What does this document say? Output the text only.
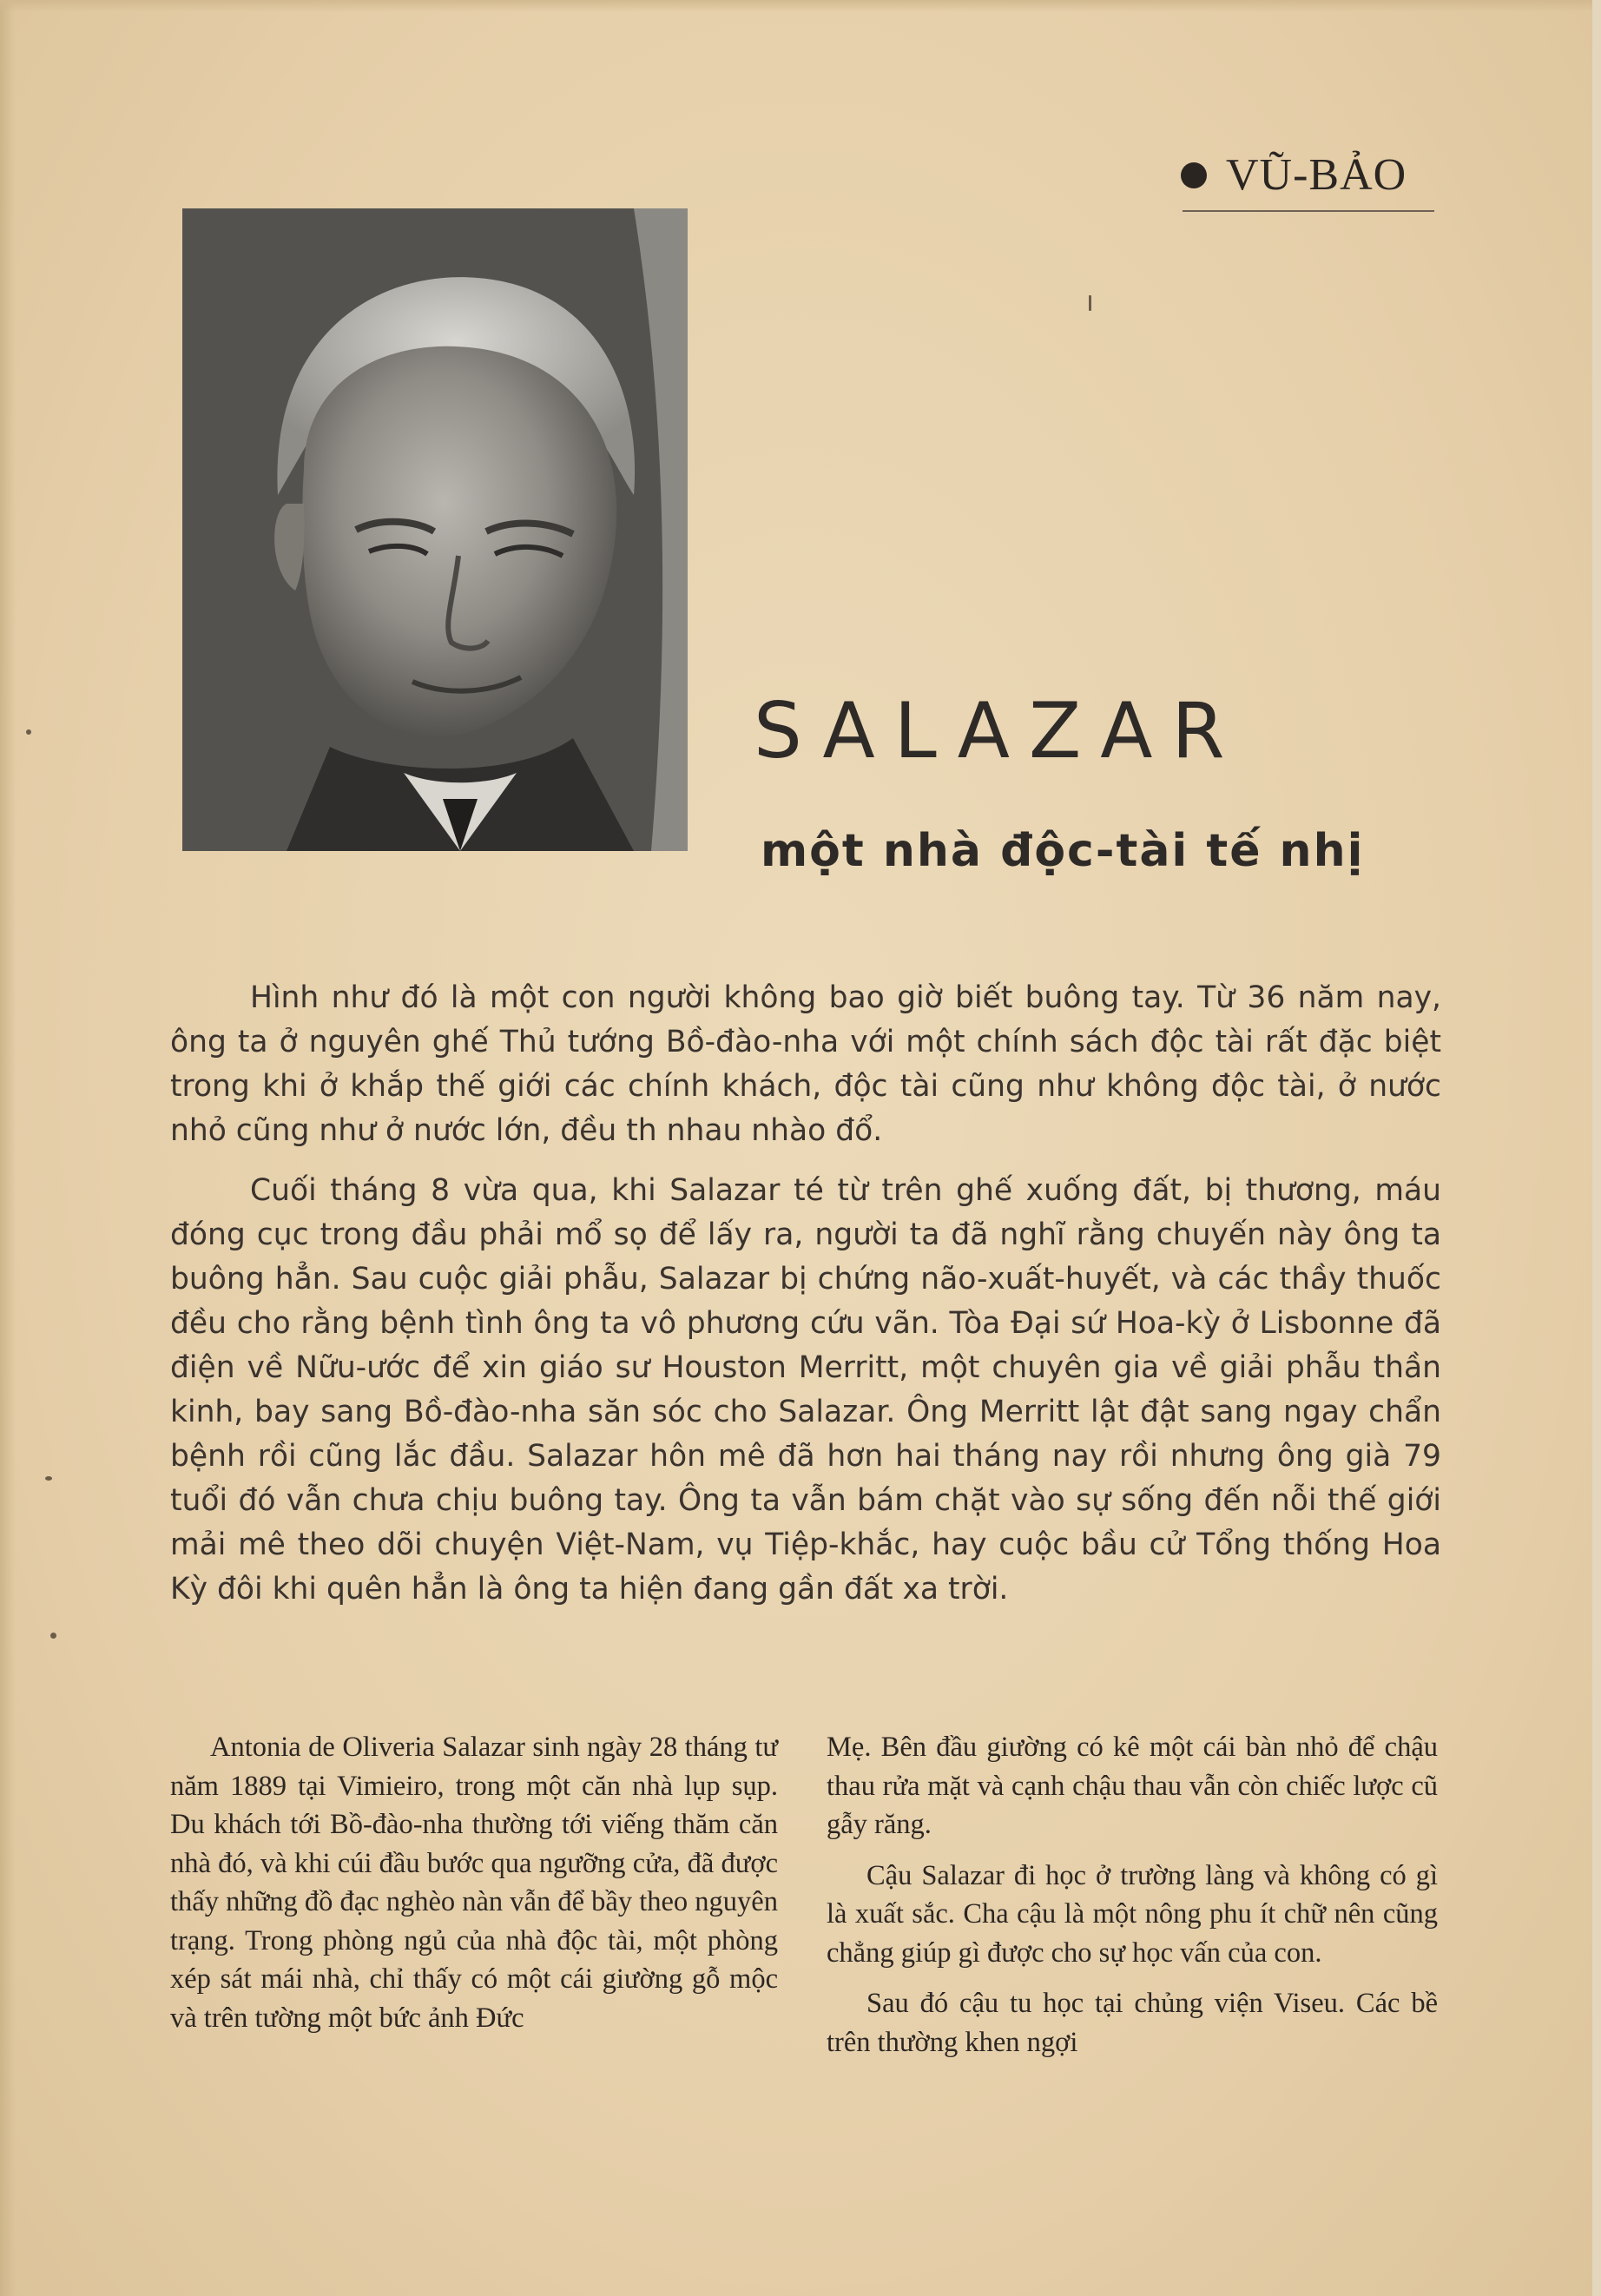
VŨ-BẢO
SALAZAR
một nhà độc-tài tế nhị

Hình như đó là một con người không bao giờ biết buông tay. Từ 36 năm nay, ông ta ở nguyên ghế Thủ tướng Bồ-đào-nha với một chính sách độc tài rất đặc biệt trong khi ở khắp thế giới các chính khách, độc tài cũng như không độc tài, ở nước nhỏ cũng như ở nước lớn, đều th nhau nhào đổ.

Cuối tháng 8 vừa qua, khi Salazar té từ trên ghế xuống đất, bị thương, máu đóng cục trong đầu phải mổ sọ để lấy ra, người ta đã nghĩ rằng chuyến này ông ta buông hẳn. Sau cuộc giải phẫu, Salazar bị chứng não-xuất-huyết, và các thầy thuốc đều cho rằng bệnh tình ông ta vô phương cứu vãn. Tòa Đại sứ Hoa-kỳ ở Lisbonne đã điện về Nữu-ước để xin giáo sư Houston Merritt, một chuyên gia về giải phẫu thần kinh, bay sang Bồ-đào-nha săn sóc cho Salazar. Ông Merritt lật đật sang ngay chẩn bệnh rồi cũng lắc đầu. Salazar hôn mê đã hơn hai tháng nay rồi nhưng ông già 79 tuổi đó vẫn chưa chịu buông tay. Ông ta vẫn bám chặt vào sự sống đến nỗi thế giới mải mê theo dõi chuyện Việt-Nam, vụ Tiệp-khắc, hay cuộc bầu cử Tổng thống Hoa Kỳ đôi khi quên hẳn là ông ta hiện đang gần đất xa trời.

Antonia de Oliveria Salazar sinh ngày 28 tháng tư năm 1889 tại Vimieiro, trong một căn nhà lụp sụp. Du khách tới Bồ-đào-nha thường tới viếng thăm căn nhà đó, và khi cúi đầu bước qua ngưỡng cửa, đã được thấy những đồ đạc nghèo nàn vẫn để bầy theo nguyên trạng. Trong phòng ngủ của nhà độc tài, một phòng xép sát mái nhà, chỉ thấy có một cái giường gỗ mộc và trên tường một bức ảnh Đức

Mẹ. Bên đầu giường có kê một cái bàn nhỏ để chậu thau rửa mặt và cạnh chậu thau vẫn còn chiếc lược cũ gẫy răng.

Cậu Salazar đi học ở trường làng và không có gì là xuất sắc. Cha cậu là một nông phu ít chữ nên cũng chẳng giúp gì được cho sự học vấn của con.

Sau đó cậu tu học tại chủng viện Viseu. Các bề trên thường khen ngợi
